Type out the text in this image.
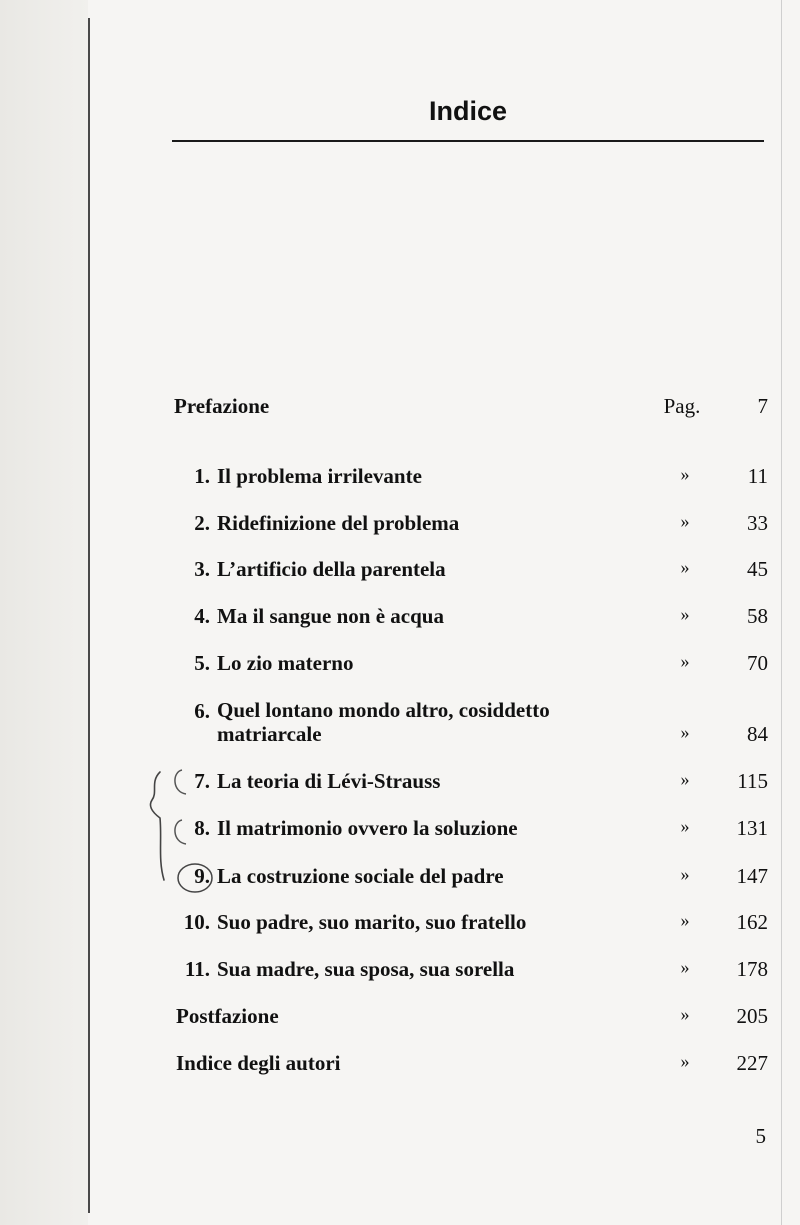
Indice
Prefazione	Pag.	7
1. Il problema irrilevante	»	11
2. Ridefinizione del problema	»	33
3. L’artificio della parentela	»	45
4. Ma il sangue non è acqua	»	58
5. Lo zio materno	»	70
6. Quel lontano mondo altro, cosiddetto
matriarcale	»	84
7. La teoria di Lévi-Strauss	»	115
8. Il matrimonio ovvero la soluzione	»	131
9. La costruzione sociale del padre	»	147
10. Suo padre, suo marito, suo fratello	»	162
11. Sua madre, sua sposa, sua sorella	»	178
Postfazione	»	205
Indice degli autori	»	227
5
